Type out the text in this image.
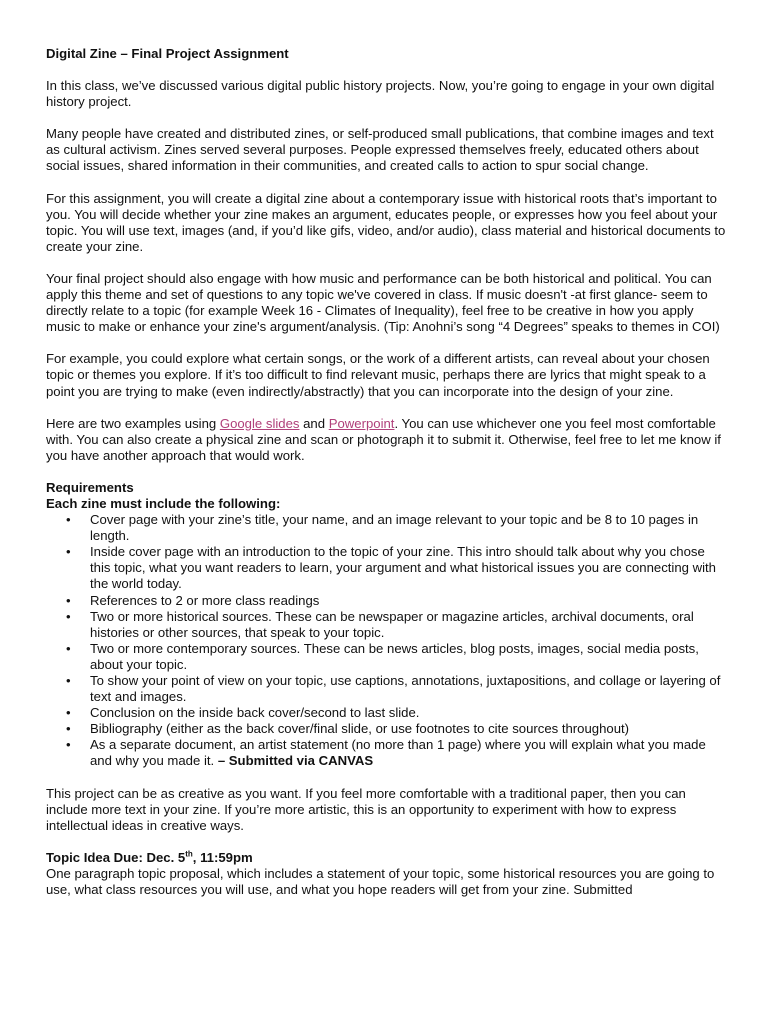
Digital Zine – Final Project Assignment

In this class, we’ve discussed various digital public history projects. Now, you’re going to engage in your own digital history project.

Many people have created and distributed zines, or self-produced small publications, that combine images and text as cultural activism. Zines served several purposes. People expressed themselves freely, educated others about social issues, shared information in their communities, and created calls to action to spur social change.

For this assignment, you will create a digital zine about a contemporary issue with historical roots that’s important to you. You will decide whether your zine makes an argument, educates people, or expresses how you feel about your topic. You will use text, images (and, if you’d like gifs, video, and/or audio), class material and historical documents to create your zine.

Your final project should also engage with how music and performance can be both historical and political. You can apply this theme and set of questions to any topic we've covered in class. If music doesn't -at first glance- seem to directly relate to a topic (for example Week 16 - Climates of Inequality), feel free to be creative in how you apply music to make or enhance your zine's argument/analysis. (Tip: Anohni’s song “4 Degrees” speaks to themes in COI)

For example, you could explore what certain songs, or the work of a different artists, can reveal about your chosen topic or themes you explore. If it’s too difficult to find relevant music, perhaps there are lyrics that might speak to a point you are trying to make (even indirectly/abstractly) that you can incorporate into the design of your zine.

Here are two examples using Google slides and Powerpoint. You can use whichever one you feel most comfortable with. You can also create a physical zine and scan or photograph it to submit it. Otherwise, feel free to let me know if you have another approach that would work.

Requirements

Each zine must include the following:

• Cover page with your zine’s title, your name, and an image relevant to your topic and be 8 to 10 pages in length.
• Inside cover page with an introduction to the topic of your zine. This intro should talk about why you chose this topic, what you want readers to learn, your argument and what historical issues you are connecting with the world today.
• References to 2 or more class readings
• Two or more historical sources. These can be newspaper or magazine articles, archival documents, oral histories or other sources, that speak to your topic.
• Two or more contemporary sources. These can be news articles, blog posts, images, social media posts, about your topic.
• To show your point of view on your topic, use captions, annotations, juxtapositions, and collage or layering of text and images.
• Conclusion on the inside back cover/second to last slide.
• Bibliography (either as the back cover/final slide, or use footnotes to cite sources throughout)
• As a separate document, an artist statement (no more than 1 page) where you will explain what you made and why you made it. – Submitted via CANVAS

This project can be as creative as you want. If you feel more comfortable with a traditional paper, then you can include more text in your zine. If you’re more artistic, this is an opportunity to experiment with how to express intellectual ideas in creative ways.

Topic Idea Due: Dec. 5th, 11:59pm

One paragraph topic proposal, which includes a statement of your topic, some historical resources you are going to use, what class resources you will use, and what you hope readers will get from your zine. Submitted
